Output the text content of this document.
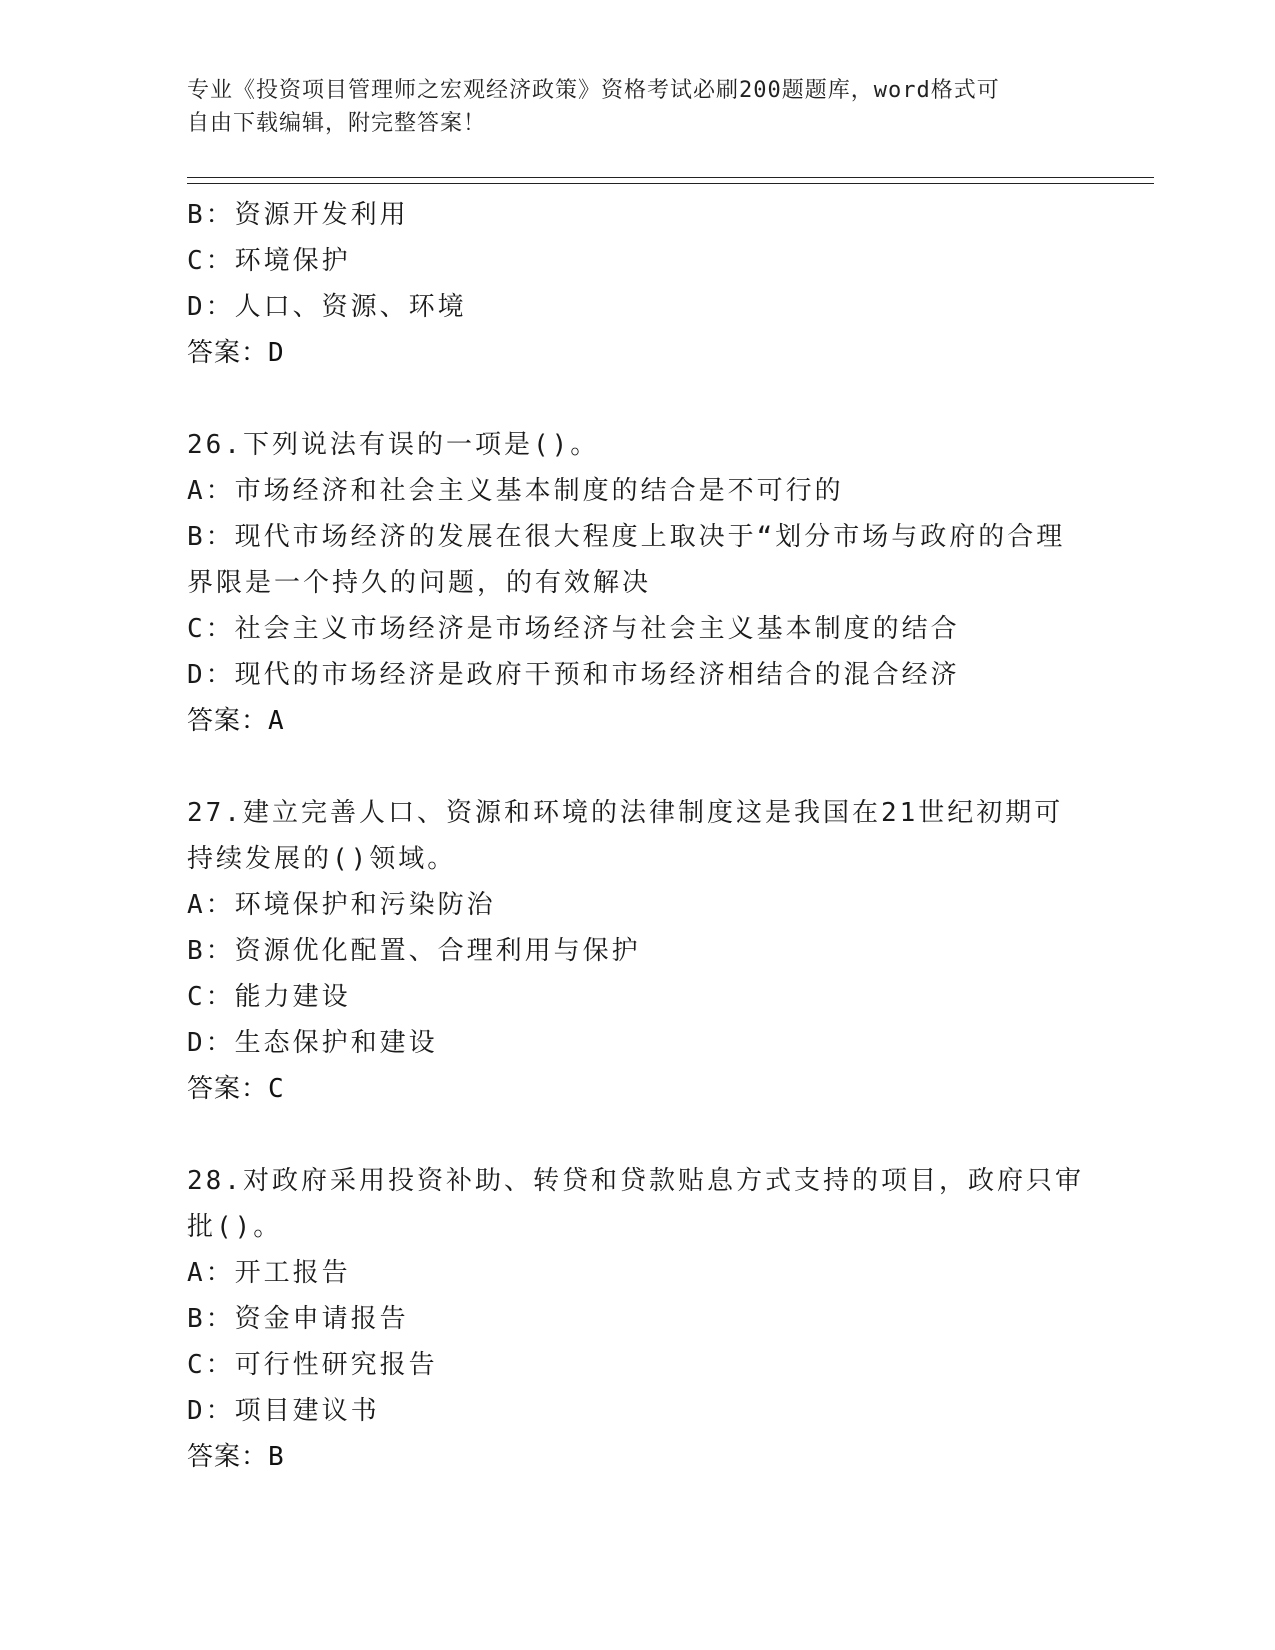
专业《投资项目管理师之宏观经济政策》资格考试必刷200题题库，word格式可
自由下载编辑，附完整答案！
B：资源开发利用
C：环境保护
D：人口、资源、环境
答案：D
26.下列说法有误的一项是()。
A：市场经济和社会主义基本制度的结合是不可行的
B：现代市场经济的发展在很大程度上取决于“划分市场与政府的合理
界限是一个持久的问题，的有效解决
C：社会主义市场经济是市场经济与社会主义基本制度的结合
D：现代的市场经济是政府干预和市场经济相结合的混合经济
答案：A
27.建立完善人口、资源和环境的法律制度这是我国在21世纪初期可
持续发展的()领域。
A：环境保护和污染防治
B：资源优化配置、合理利用与保护
C：能力建设
D：生态保护和建设
答案：C
28.对政府采用投资补助、转贷和贷款贴息方式支持的项目，政府只审
批()。
A：开工报告
B：资金申请报告
C：可行性研究报告
D：项目建议书
答案：B
